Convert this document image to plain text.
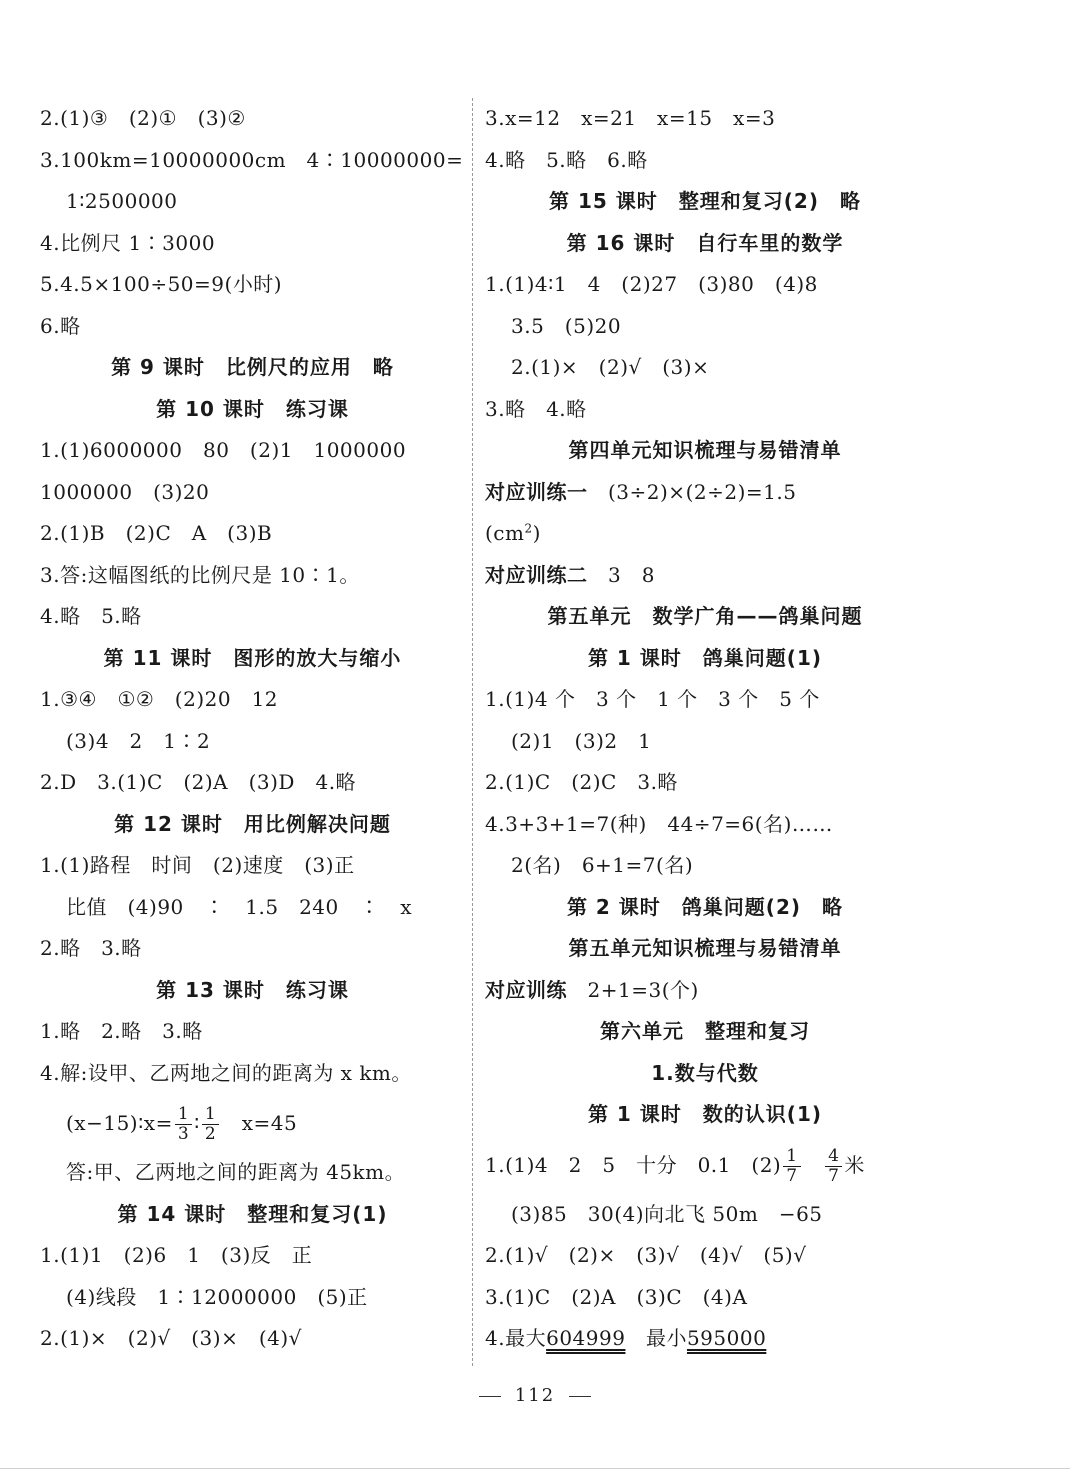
2.(1)③　(2)①　(3)②
3.100km=10000000cm　4∶10000000=
1∶2500000
4.比例尺 1∶3000
5.4.5×100÷50=9(小时)
6.略
第 9 课时　比例尺的应用　略
第 10 课时　练习课
1.(1)6000000　80　(2)1　1000000
1000000　(3)20
2.(1)B　(2)C　A　(3)B
3.答:这幅图纸的比例尺是 10∶1。
4.略　5.略
第 11 课时　图形的放大与缩小
1.③④　①②　(2)20　12
(3)4　2　1∶2
2.D　3.(1)C　(2)A　(3)D　4.略
第 12 课时　用比例解决问题
1.(1)路程　时间　(2)速度　(3)正
比值　(4)90　∶　1.5　240　∶　x
2.略　3.略
第 13 课时　练习课
1.略　2.略　3.略
4.解:设甲、乙两地之间的距离为 x km。
(x−15)∶x= $\frac{1}{3}$ ∶ $\frac{1}{2}$ 　x=45
答:甲、乙两地之间的距离为 45km。
第 14 课时　整理和复习(1)
1.(1)1　(2)6　1　(3)反　正
(4)线段　1∶12000000　(5)正
2.(1)×　(2)√　(3)×　(4)√
3.x=12　x=21　x=15　x=3
4.略　5.略　6.略
第 15 课时　整理和复习(2)　略
第 16 课时　自行车里的数学
1.(1)4∶1　4　(2)27　(3)80　(4)8
3.5　(5)20
2.(1)×　(2)√　(3)×
3.略　4.略
第四单元知识梳理与易错清单
对应训练一　(3÷2)×(2÷2)=1.5
$(cm^2)$
对应训练二　3　8
第五单元　数学广角——鸽巢问题
第 1 课时　鸽巢问题(1)
1.(1)4 个　3 个　1 个　3 个　5 个
(2)1　(3)2　1
2.(1)C　(2)C　3.略
4.3+3+1=7(种)　44÷7=6(名)……
2(名)　6+1=7(名)
第 2 课时　鸽巢问题(2)　略
第五单元知识梳理与易错清单
对应训练　2+1=3(个)
第六单元　整理和复习
1.数与代数
第 1 课时　数的认识(1)
1.(1)4　2　5　十分　0.1　$(2) \frac{1}{7}$
　 $\frac{4}{7}$ 米
(3)85　30(4)向北飞 50m　−65
2.(1)√　(2)×　(3)√　(4)√　(5)√
3.(1)C　(2)A　(3)C　(4)A
4.最大604999　最小595000
112
